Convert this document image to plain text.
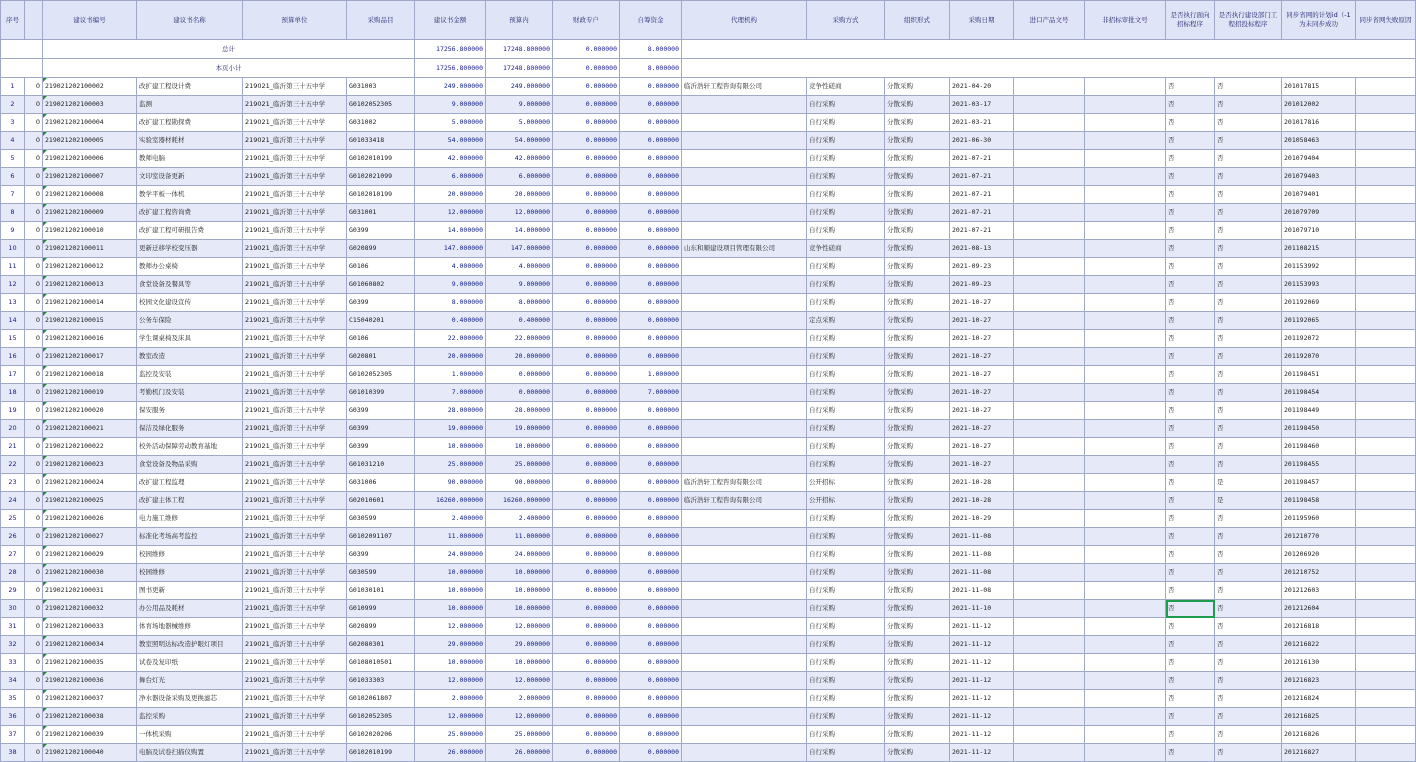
序号		建议书编号	建议书名称	预算单位	采购品目	建议书金额	预算内	财政专户	自筹资金	代理机构	采购方式	组织形式	采购日期	进口产品文号	非招标审批文号	是否执行面向招标程序	是否执行建设部门工程招投标程序	同步省网的计划id（-1为未同步成功	同步省网失败原因
		总计				17256.800000	17248.800000	0.000000	8.000000										
		本页小计				17256.800000	17248.800000	0.000000	8.000000										
1	0	219021202100002	改扩建工程设计费	219021_临沂第三十五中学	G031003	249.000000	249.000000	0.000000	0.000000	临沂浩轩工程咨询有限公司	竞争性磋商	分散采购	2021-04-20			否	否	201017815	
2	0	219021202100003	监测	219021_临沂第三十五中学	G0102052305	9.000000	9.000000	0.000000	0.000000		自行采购	分散采购	2021-03-17			否	否	201012002	
3	0	219021202100004	改扩建工程勘探费	219021_临沂第三十五中学	G031002	5.000000	5.000000	0.000000	0.000000		自行采购	分散采购	2021-03-21			否	否	201017816	
4	0	219021202100005	实验室器材耗材	219021_临沂第三十五中学	G01033418	54.000000	54.000000	0.000000	0.000000		自行采购	分散采购	2021-06-30			否	否	201058463	
5	0	219021202100006	教师电脑	219021_临沂第三十五中学	G0102010199	42.000000	42.000000	0.000000	0.000000		自行采购	分散采购	2021-07-21			否	否	201079404	
6	0	219021202100007	文印室设备更新	219021_临沂第三十五中学	G0102021099	6.000000	6.000000	0.000000	0.000000		自行采购	分散采购	2021-07-21			否	否	201079403	
7	0	219021202100008	教学平板一体机	219021_临沂第三十五中学	G0102010199	20.000000	20.000000	0.000000	0.000000		自行采购	分散采购	2021-07-21			否	否	201079401	
8	0	219021202100009	改扩建工程咨询费	219021_临沂第三十五中学	G031001	12.000000	12.000000	0.000000	0.000000		自行采购	分散采购	2021-07-21			否	否	201079709	
9	0	219021202100010	改扩建工程可研报告费	219021_临沂第三十五中学	G0399	14.000000	14.000000	0.000000	0.000000		自行采购	分散采购	2021-07-21			否	否	201079710	
10	0	219021202100011	更新迁移学校变压器	219021_临沂第三十五中学	G020899	147.000000	147.000000	0.000000	0.000000	山东和顺建设项目管理有限公司	竞争性磋商	分散采购	2021-08-13			否	否	201108215	
11	0	219021202100012	教师办公桌椅	219021_临沂第三十五中学	G0106	4.000000	4.000000	0.000000	0.000000		自行采购	分散采购	2021-09-23			否	否	201153992	
12	0	219021202100013	食堂设备及餐具等	219021_临沂第三十五中学	G01060802	9.000000	9.000000	0.000000	0.000000		自行采购	分散采购	2021-09-23			否	否	201153993	
13	0	219021202100014	校园文化建设宣传	219021_临沂第三十五中学	G0399	8.000000	8.000000	0.000000	0.000000		自行采购	分散采购	2021-10-27			否	否	201192069	
14	0	219021202100015	公务车保险	219021_临沂第三十五中学	C15040201	0.400000	0.400000	0.000000	0.000000		定点采购	分散采购	2021-10-27			否	否	201192065	
15	0	219021202100016	学生课桌椅及床具	219021_临沂第三十五中学	G0106	22.000000	22.000000	0.000000	0.000000		自行采购	分散采购	2021-10-27			否	否	201192072	
16	0	219021202100017	教室改造	219021_临沂第三十五中学	G020801	20.000000	20.000000	0.000000	0.000000		自行采购	分散采购	2021-10-27			否	否	201192070	
17	0	219021202100018	监控及安装	219021_临沂第三十五中学	G0102052305	1.000000	0.000000	0.000000	1.000000		自行采购	分散采购	2021-10-27			否	否	201198451	
18	0	219021202100019	考勤机门及安装	219021_临沂第三十五中学	G01010399	7.000000	0.000000	0.000000	7.000000		自行采购	分散采购	2021-10-27			否	否	201198454	
19	0	219021202100020	保安服务	219021_临沂第三十五中学	G0399	28.000000	28.000000	0.000000	0.000000		自行采购	分散采购	2021-10-27			否	否	201198449	
20	0	219021202100021	保洁及绿化服务	219021_临沂第三十五中学	G0399	19.000000	19.000000	0.000000	0.000000		自行采购	分散采购	2021-10-27			否	否	201198450	
21	0	219021202100022	校外活动保障劳动教育基地	219021_临沂第三十五中学	G0399	10.000000	10.000000	0.000000	0.000000		自行采购	分散采购	2021-10-27			否	否	201198460	
22	0	219021202100023	食堂设备及物品采购	219021_临沂第三十五中学	G01031210	25.000000	25.000000	0.000000	0.000000		自行采购	分散采购	2021-10-27			否	否	201198455	
23	0	219021202100024	改扩建工程监理	219021_临沂第三十五中学	G031006	90.000000	90.000000	0.000000	0.000000	临沂浩轩工程咨询有限公司	公开招标	分散采购	2021-10-28			否	是	201198457	
24	0	219021202100025	改扩建主体工程	219021_临沂第三十五中学	G02010601	16260.000000	16260.000000	0.000000	0.000000	临沂浩轩工程咨询有限公司	公开招标	分散采购	2021-10-28			否	是	201198458	
25	0	219021202100026	电力施工维修	219021_临沂第三十五中学	G030599	2.400000	2.400000	0.000000	0.000000		自行采购	分散采购	2021-10-29			否	否	201195960	
26	0	219021202100027	标准化考场高考监控	219021_临沂第三十五中学	G0102091107	11.000000	11.000000	0.000000	0.000000		自行采购	分散采购	2021-11-08			否	否	201210770	
27	0	219021202100029	校园维修	219021_临沂第三十五中学	G0399	24.000000	24.000000	0.000000	0.000000		自行采购	分散采购	2021-11-08			否	否	201206920	
28	0	219021202100030	校园维修	219021_临沂第三十五中学	G030599	10.000000	10.000000	0.000000	0.000000		自行采购	分散采购	2021-11-08			否	否	201210752	
29	0	219021202100031	图书更新	219021_临沂第三十五中学	G01030101	10.000000	10.000000	0.000000	0.000000		自行采购	分散采购	2021-11-08			否	否	201212603	
30	0	219021202100032	办公用品及耗材	219021_临沂第三十五中学	G010999	10.000000	10.000000	0.000000	0.000000		自行采购	分散采购	2021-11-10			否	否	201212604	
31	0	219021202100033	体育场地器械维修	219021_临沂第三十五中学	G020899	12.000000	12.000000	0.000000	0.000000		自行采购	分散采购	2021-11-12			否	否	201216818	
32	0	219021202100034	教室照明达标改造护眼灯项目	219021_临沂第三十五中学	G02080301	29.000000	29.000000	0.000000	0.000000		自行采购	分散采购	2021-11-12			否	否	201216822	
33	0	219021202100035	试卷及复印纸	219021_临沂第三十五中学	G0108010501	10.000000	10.000000	0.000000	0.000000		自行采购	分散采购	2021-11-12			否	否	201216130	
34	0	219021202100036	舞台灯光	219021_临沂第三十五中学	G01033303	12.000000	12.000000	0.000000	0.000000		自行采购	分散采购	2021-11-12			否	否	201216823	
35	0	219021202100037	净水器设备采购及更换滤芯	219021_临沂第三十五中学	G0102061807	2.000000	2.000000	0.000000	0.000000		自行采购	分散采购	2021-11-12			否	否	201216824	
36	0	219021202100038	监控采购	219021_临沂第三十五中学	G0102052305	12.000000	12.000000	0.000000	0.000000		自行采购	分散采购	2021-11-12			否	否	201216825	
37	0	219021202100039	一体机采购	219021_临沂第三十五中学	G0102020206	25.000000	25.000000	0.000000	0.000000		自行采购	分散采购	2021-11-12			否	否	201216826	
38	0	219021202100040	电脑及试卷扫描仪购置	219021_临沂第三十五中学	G0102010199	26.000000	26.000000	0.000000	0.000000		自行采购	分散采购	2021-11-12			否	否	201216827	
